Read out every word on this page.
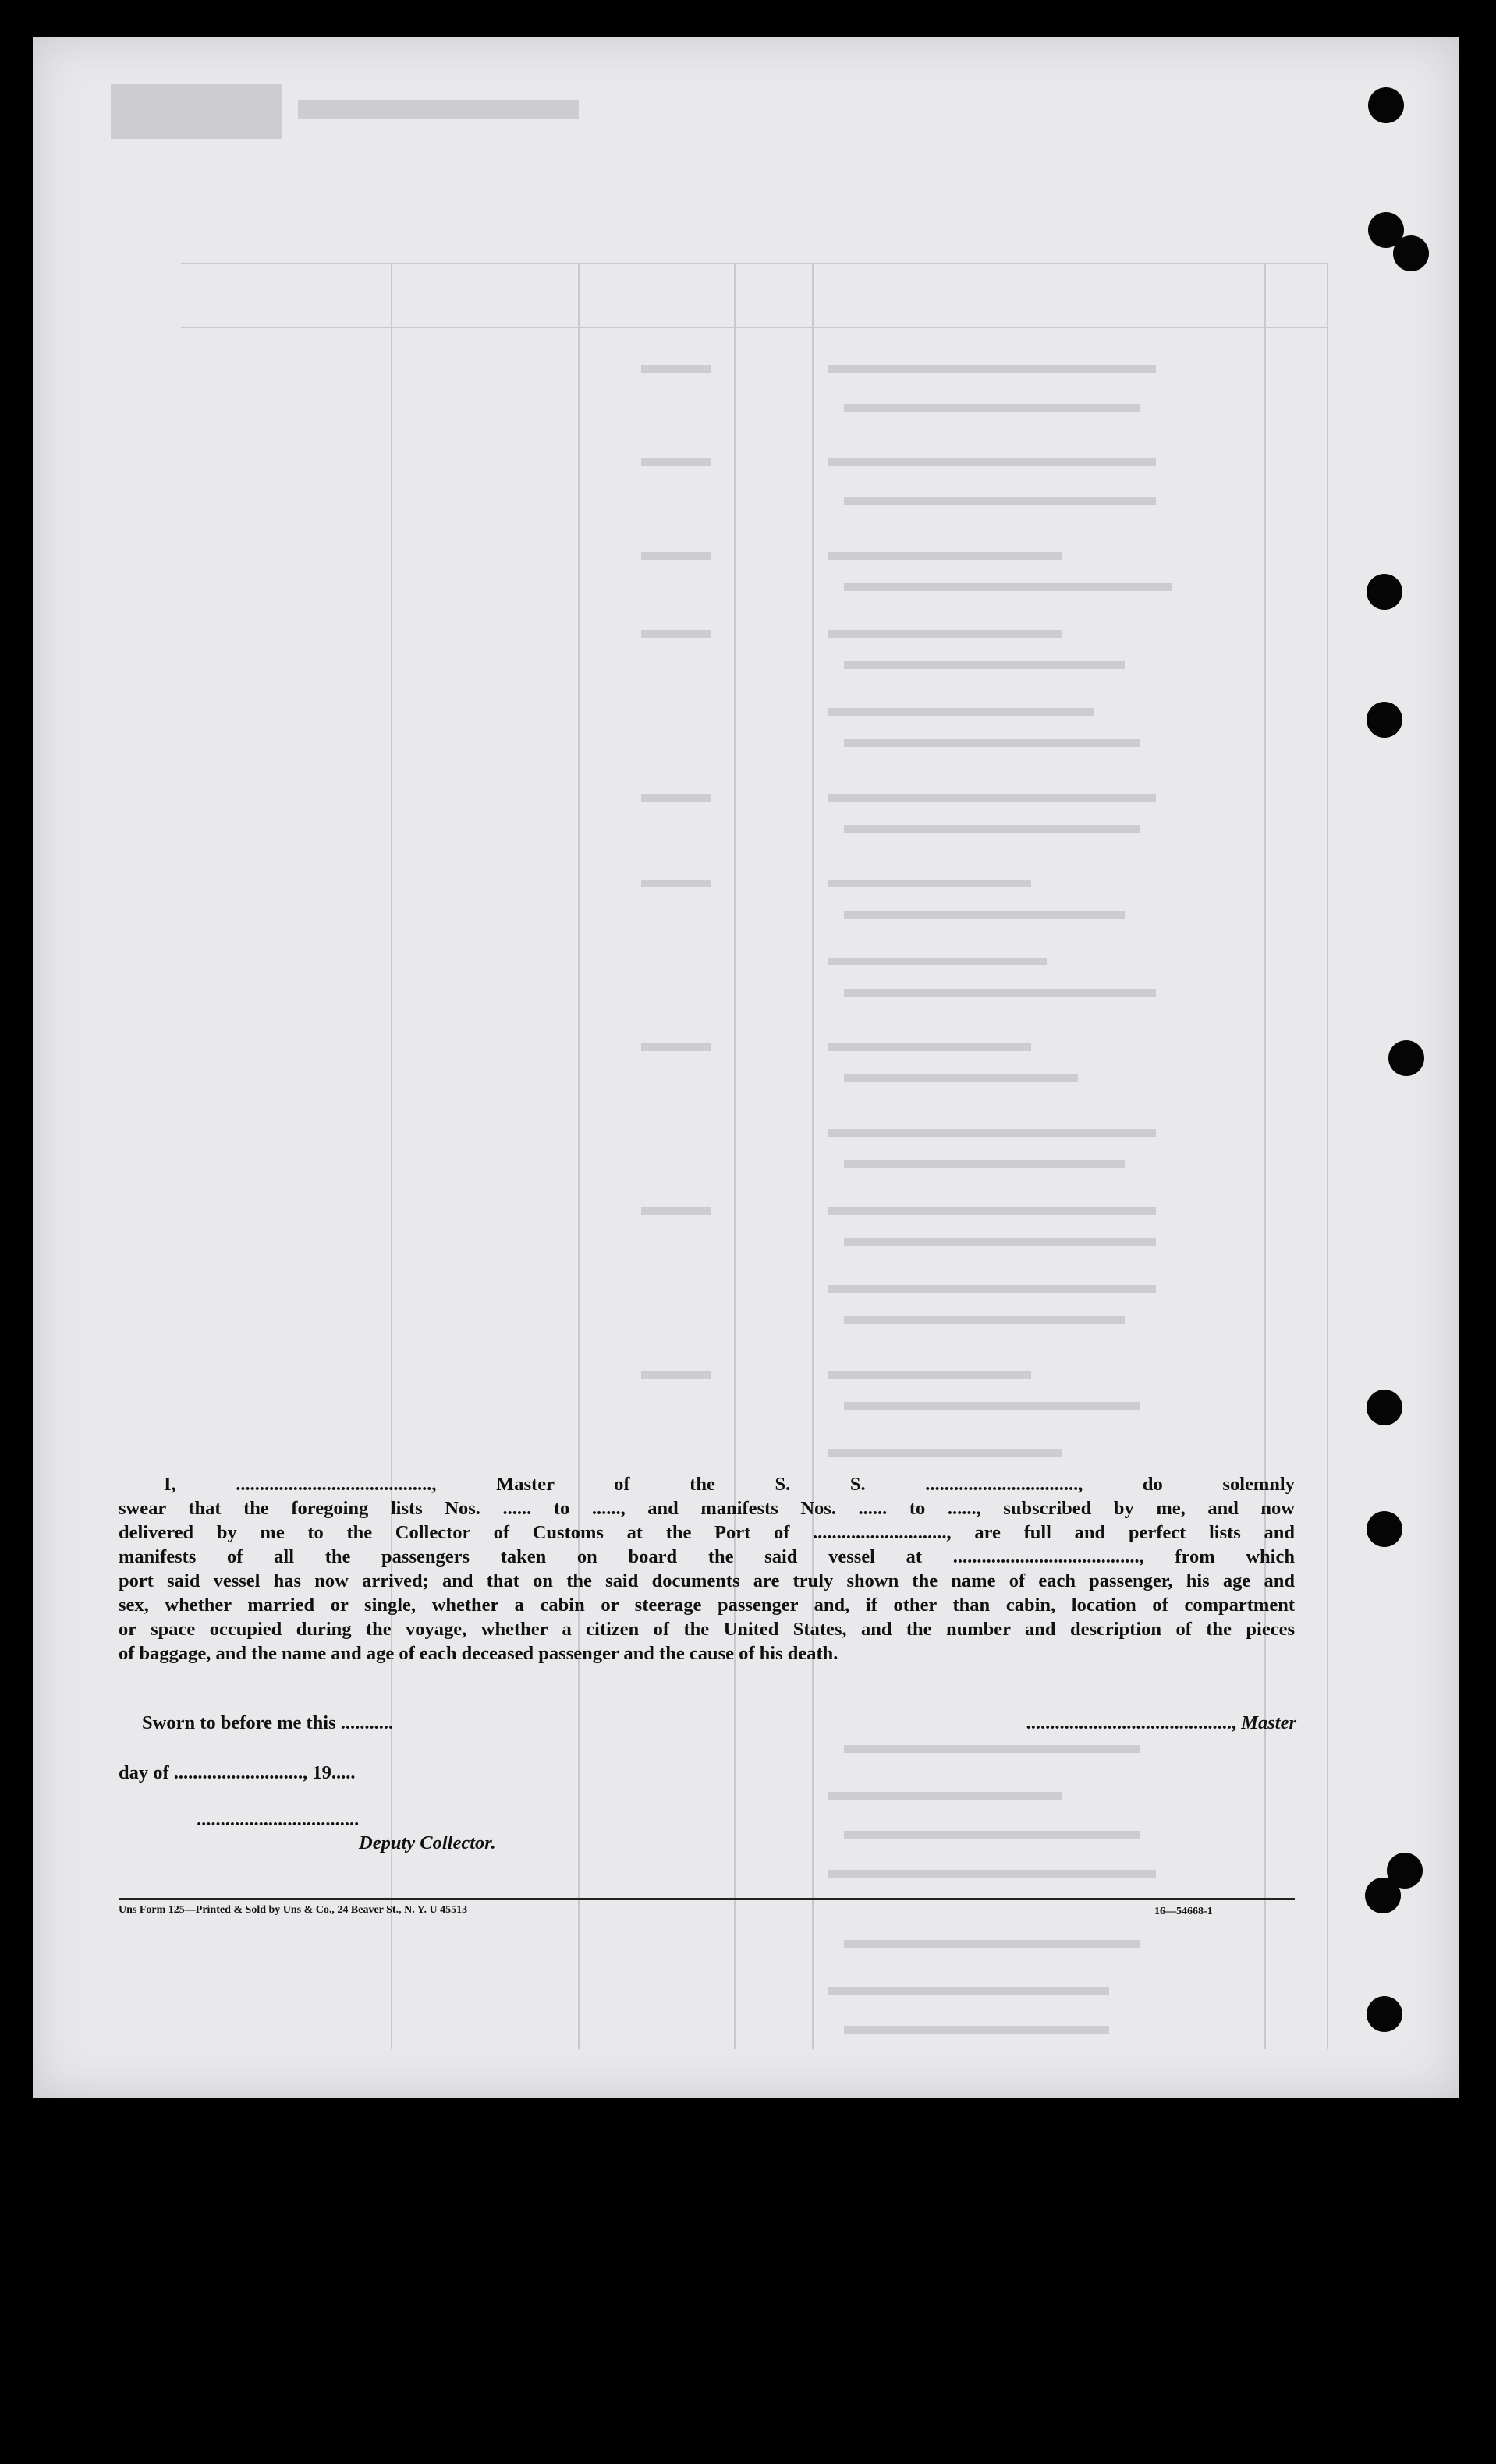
I, ........................................., Master of the S. S. ................................, do solemnly

swear that the foregoing lists Nos. ...... to ......, and manifests Nos. ...... to ......, subscribed by me, and now

delivered by me to the Collector of Customs at the Port of ............................, are full and perfect lists and

manifests of all the passengers taken on board the said vessel at ......................................., from which

port said vessel has now arrived; and that on the said documents are truly shown the name of each passenger, his age and

sex, whether married or single, whether a cabin or steerage passenger and, if other than cabin, location of compartment

or space occupied during the voyage, whether a citizen of the United States, and the number and description of the pieces

of baggage, and the name and age of each deceased passenger and the cause of his death.

Sworn to before me this ...........	..........................................., Master
day of ..........................., 19.....
..................................
Deputy Collector.
Uns Form 125—Printed & Sold by Uns & Co., 24 Beaver St., N. Y. U 45513	16—54668-1
